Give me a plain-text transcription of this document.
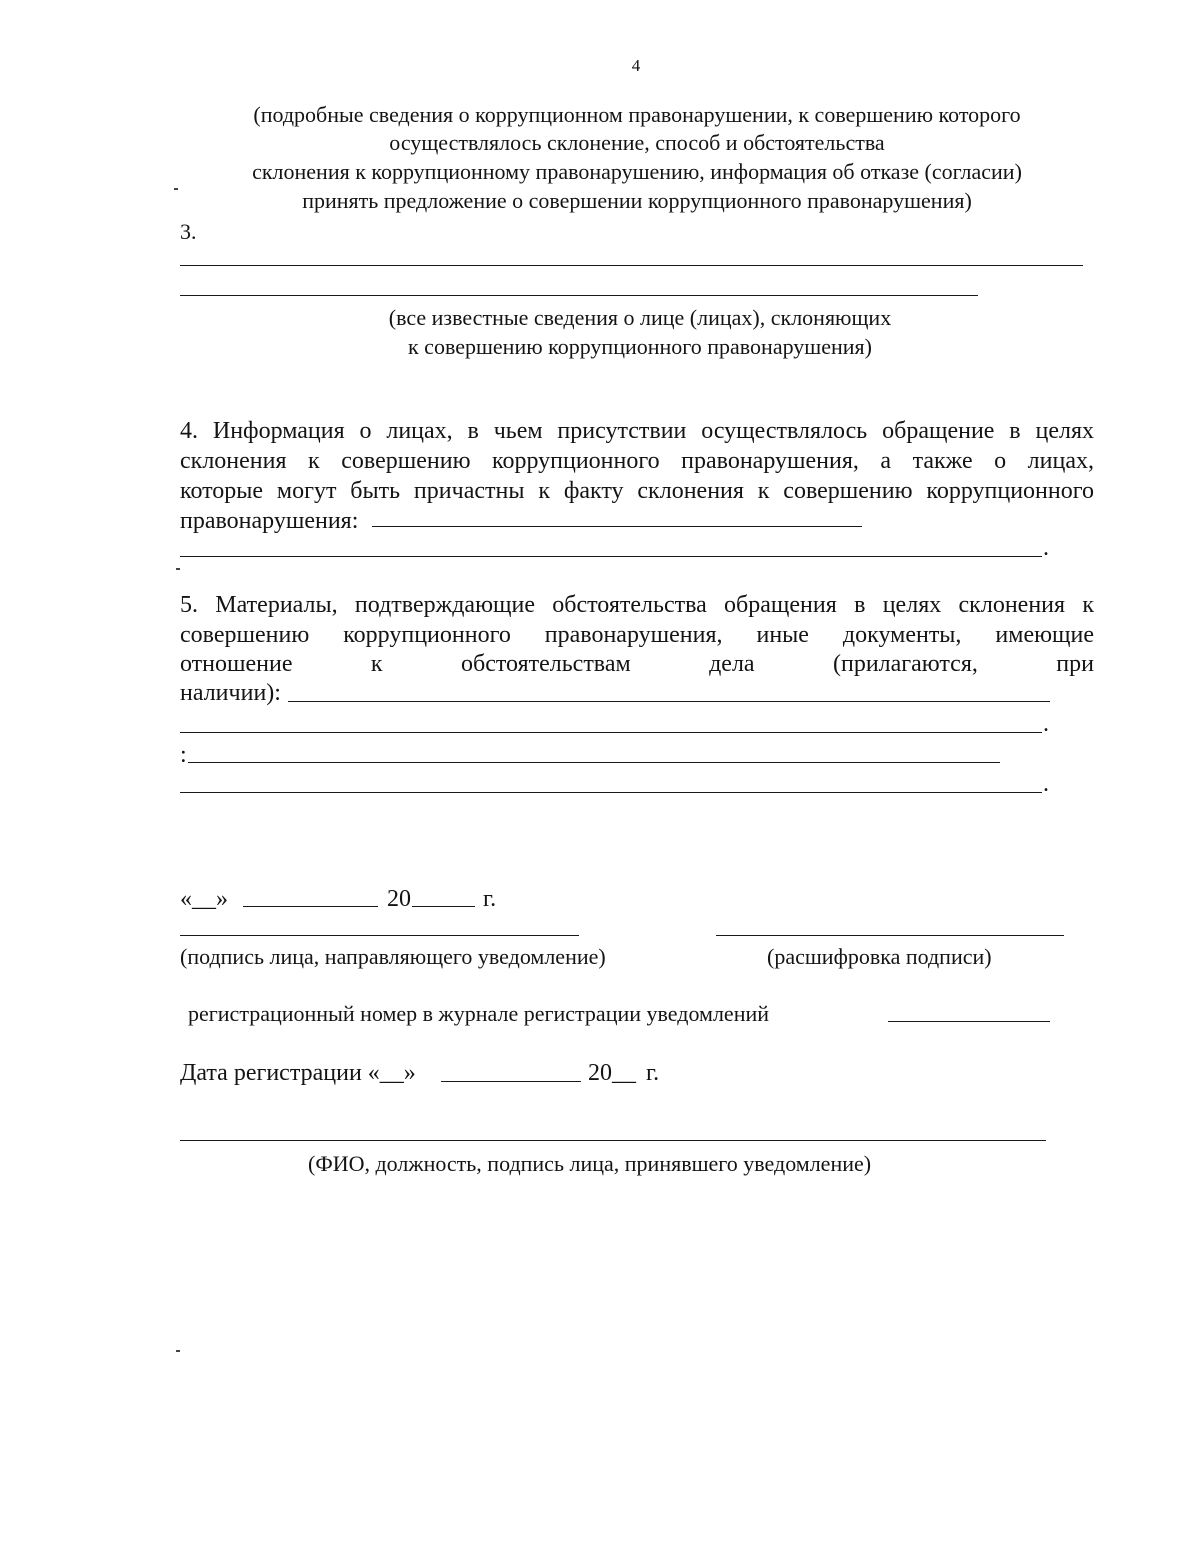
4
(подробные сведения о коррупционном правонарушении, к совершению которого
осуществлялось склонение, способ и обстоятельства
склонения к коррупционному правонарушению, информация об отказе (согласии)
принять предложение о совершении коррупционного правонарушения)
3.
(все известные сведения о лице (лицах), склоняющих
к совершению коррупционного правонарушения)
4. Информация о лицах, в чьем присутствии осуществлялось обращение в целях
склонения к совершению коррупционного правонарушения, а также о лицах,
которые могут быть причастны к факту склонения к совершению коррупционного
правонарушения:
.
5. Материалы, подтверждающие обстоятельства обращения в целях склонения к
совершению коррупционного правонарушения, иные документы, имеющие
отношение	к	обстоятельствам	дела	(прилагаются,	при
наличии):
.
:
.
«__»	20	г.
(подпись лица, направляющего уведомление)	(расшифровка подписи)
регистрационный номер в журнале регистрации уведомлений
Дата регистрации «__»	20__ г.
(ФИО, должность, подпись лица, принявшего уведомление)
